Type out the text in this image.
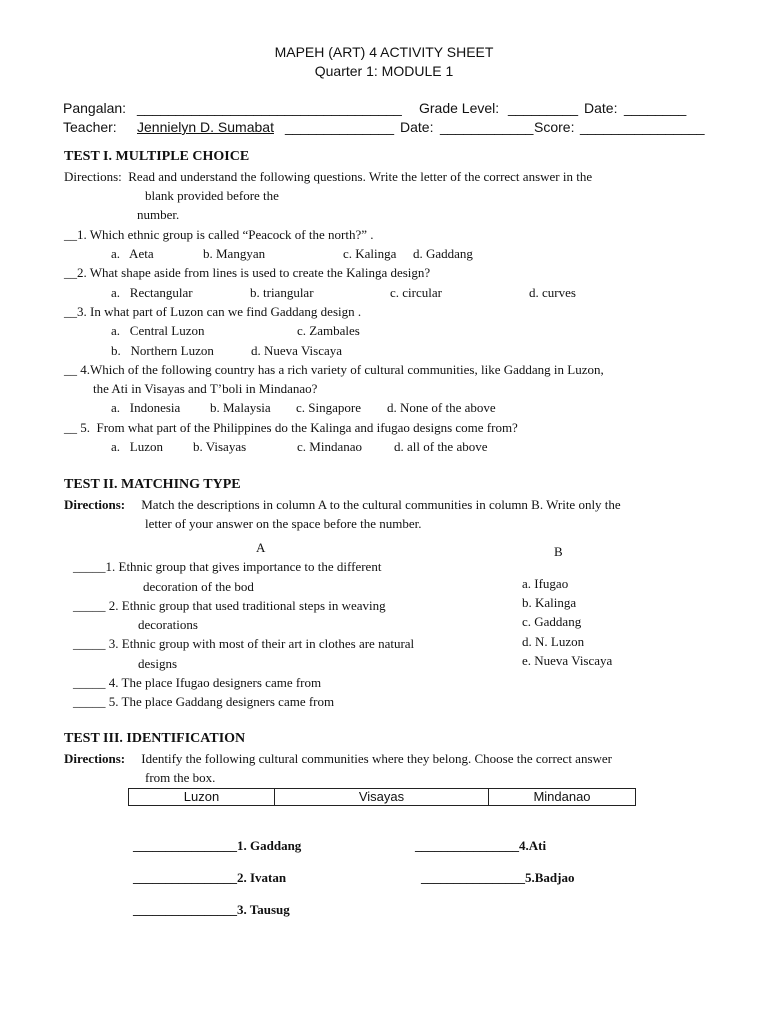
MAPEH (ART) 4 ACTIVITY SHEET
Quarter 1: MODULE 1
Pangalan: __________________________________ Grade Level: _________ Date: ________
Teacher: Jennielyn D. Sumabat ______________ Date: ____________ Score: ________________
TEST I. MULTIPLE CHOICE
Directions:  Read and understand the following questions. Write the letter of the correct answer in the
blank provided before the
number.
__1. Which ethnic group is called “Peacock of the north?” .
a.   Aeta	b. Mangyan	c. Kalinga d. Gaddang
__2. What shape aside from lines is used to create the Kalinga design?
a.   Rectangular	b. triangular	c. circular	d. curves
__3. In what part of Luzon can we find Gaddang design .
a.   Central Luzon	c. Zambales
b.   Northern Luzon	d. Nueva Viscaya
__ 4.Which of the following country has a rich variety of cultural communities, like Gaddang in Luzon,
the Ati in Visayas and T’boli in Mindanao?
a.   Indonesia b. Malaysia c. Singapore d. None of the above
__ 5.  From what part of the Philippines do the Kalinga and ifugao designs come from?
a.   Luzon b. Visayas	c. Mindanao d. all of the above
TEST II. MATCHING TYPE
Directions: Match the descriptions in column A to the cultural communities in column B. Write only the
letter of your answer on the space before the number.
A	B
_____1. Ethnic group that gives importance to the different
decoration of the bod
_____ 2. Ethnic group that used traditional steps in weaving
decorations
_____ 3. Ethnic group with most of their art in clothes are natural
designs
_____ 4. The place Ifugao designers came from
_____ 5. The place Gaddang designers came from
a. Ifugao
b. Kalinga
c. Gaddang
d. N. Luzon
e. Nueva Viscaya
TEST III. IDENTIFICATION
Directions: Identify the following cultural communities where they belong. Choose the correct answer
from the box.
Luzon	Visayas	Mindanao
________________1. Gaddang
________________2. Ivatan
________________3. Tausug
________________4.Ati
________________5.Badjao
